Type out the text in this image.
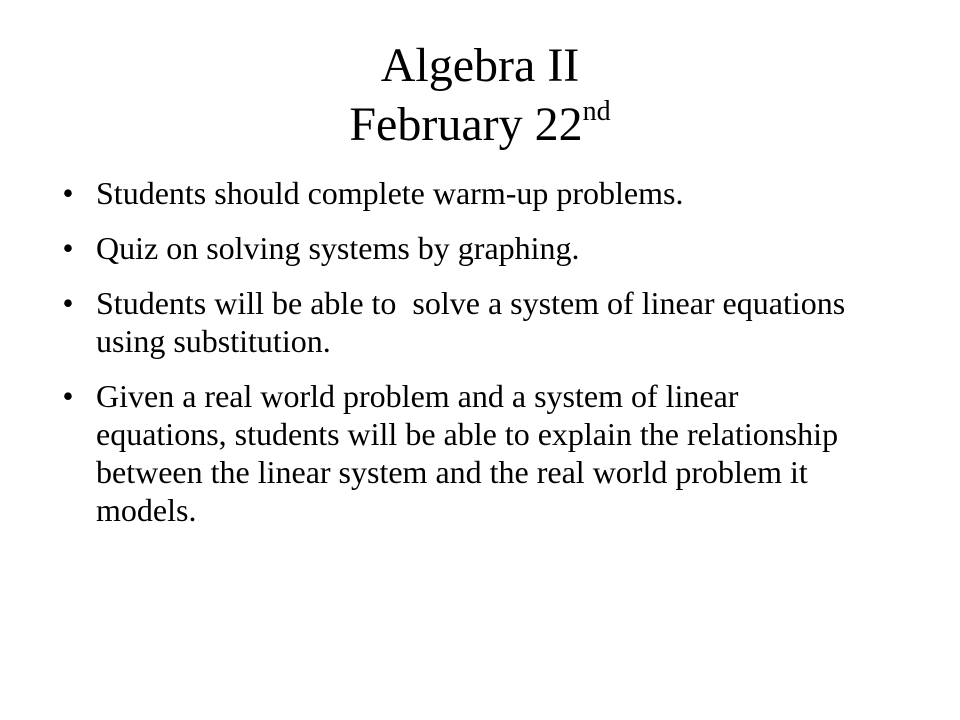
Algebra II
February 22nd
• Students should complete warm-up problems.
• Quiz on solving systems by graphing.
• Students will be able to  solve a system of linear equations using substitution.
• Given a real world problem and a system of linear equations, students will be able to explain the relationship between the linear system and the real world problem it models.
